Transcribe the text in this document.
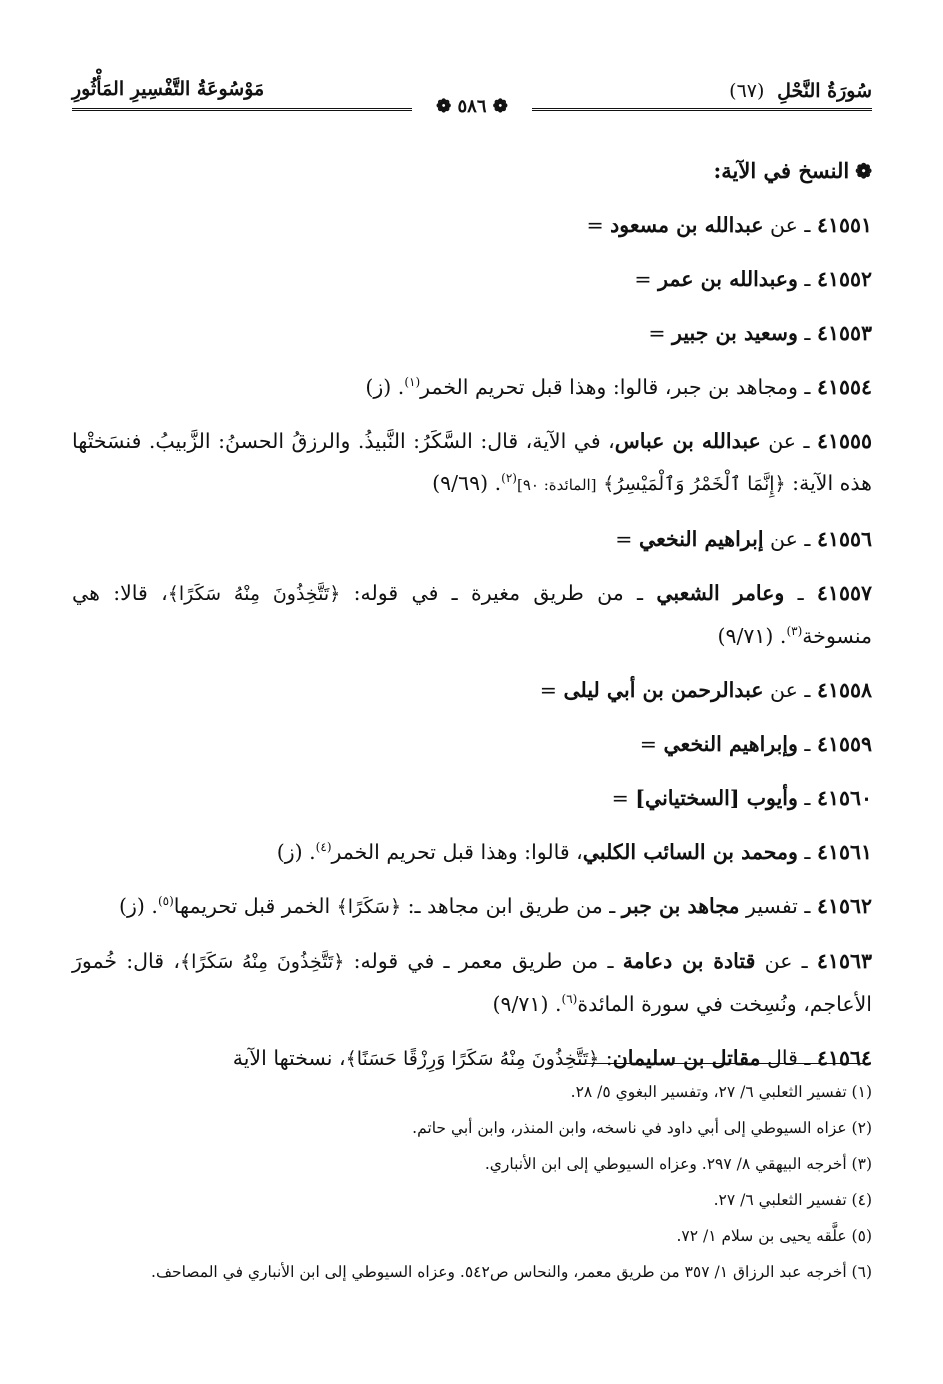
سُورَةُ النَّحْلِ (٦٧)
مَوْسُوعَةُ التَّفْسِيرِ المَأْثُورِ
❁ ٥٨٦ ❁
❁النسخ في الآية:

٤١٥٥١ ـ عن عبدالله بن مسعود =

٤١٥٥٢ ـ وعبدالله بن عمر =

٤١٥٥٣ ـ وسعيد بن جبير =

٤١٥٥٤ ـ ومجاهد بن جبر، قالوا: وهذا قبل تحريم الخمر$^{(١)}$. (ز)

٤١٥٥٥ ـ عن عبدالله بن عباس، في الآية، قال: السَّكَرُ: النَّبيذُ. والرزقُ الحسنُ: الزَّبيبُ. فنسَختْها هذه الآية: ﴿إِنَّمَا ٱلْخَمْرُ وَٱلْمَيْسِرُ﴾ [المائدة: ٩٠]$^{(٢)}$. (٩/٦٩)

٤١٥٥٦ ـ عن إبراهيم النخعي =

٤١٥٥٧ ـ وعامر الشعبي ـ من طريق مغيرة ـ في قوله: ﴿تَتَّخِذُونَ مِنْهُ سَكَرًا﴾، قالا: هي منسوخة$^{(٣)}$. (٩/٧١)

٤١٥٥٨ ـ عن عبدالرحمن بن أبي ليلى =

٤١٥٥٩ ـ وإبراهيم النخعي =

٤١٥٦٠ ـ وأيوب [السختياني] =

٤١٥٦١ ـ ومحمد بن السائب الكلبي، قالوا: وهذا قبل تحريم الخمر$^{(٤)}$. (ز)

٤١٥٦٢ ـ تفسير مجاهد بن جبر ـ من طريق ابن مجاهد ـ: ﴿سَكَرًا﴾ الخمر قبل تحريمها$^{(٥)}$. (ز)

٤١٥٦٣ ـ عن قتادة بن دعامة ـ من طريق معمر ـ في قوله: ﴿تَتَّخِذُونَ مِنْهُ سَكَرًا﴾، قال: خُمورَ الأعاجم، ونُسِخت في سورة المائدة$^{(٦)}$. (٩/٧١)

٤١٥٦٤ ـ قال مقاتل بن سليمان: ﴿تَتَّخِذُونَ مِنْهُ سَكَرًا وَرِزْقًا حَسَنًا﴾، نسختها الآية

(١) تفسير الثعلبي ٦/ ٢٧، وتفسير البغوي ٥/ ٢٨.

(٢) عزاه السيوطي إلى أبي داود في ناسخه، وابن المنذر، وابن أبي حاتم.

(٣) أخرجه البيهقي ٨/ ٢٩٧. وعزاه السيوطي إلى ابن الأنباري.

(٤) تفسير الثعلبي ٦/ ٢٧.

(٥) علَّقه يحيى بن سلام ١/ ٧٢.

(٦) أخرجه عبد الرزاق ١/ ٣٥٧ من طريق معمر، والنحاس ص٥٤٢. وعزاه السيوطي إلى ابن الأنباري في المصاحف.
